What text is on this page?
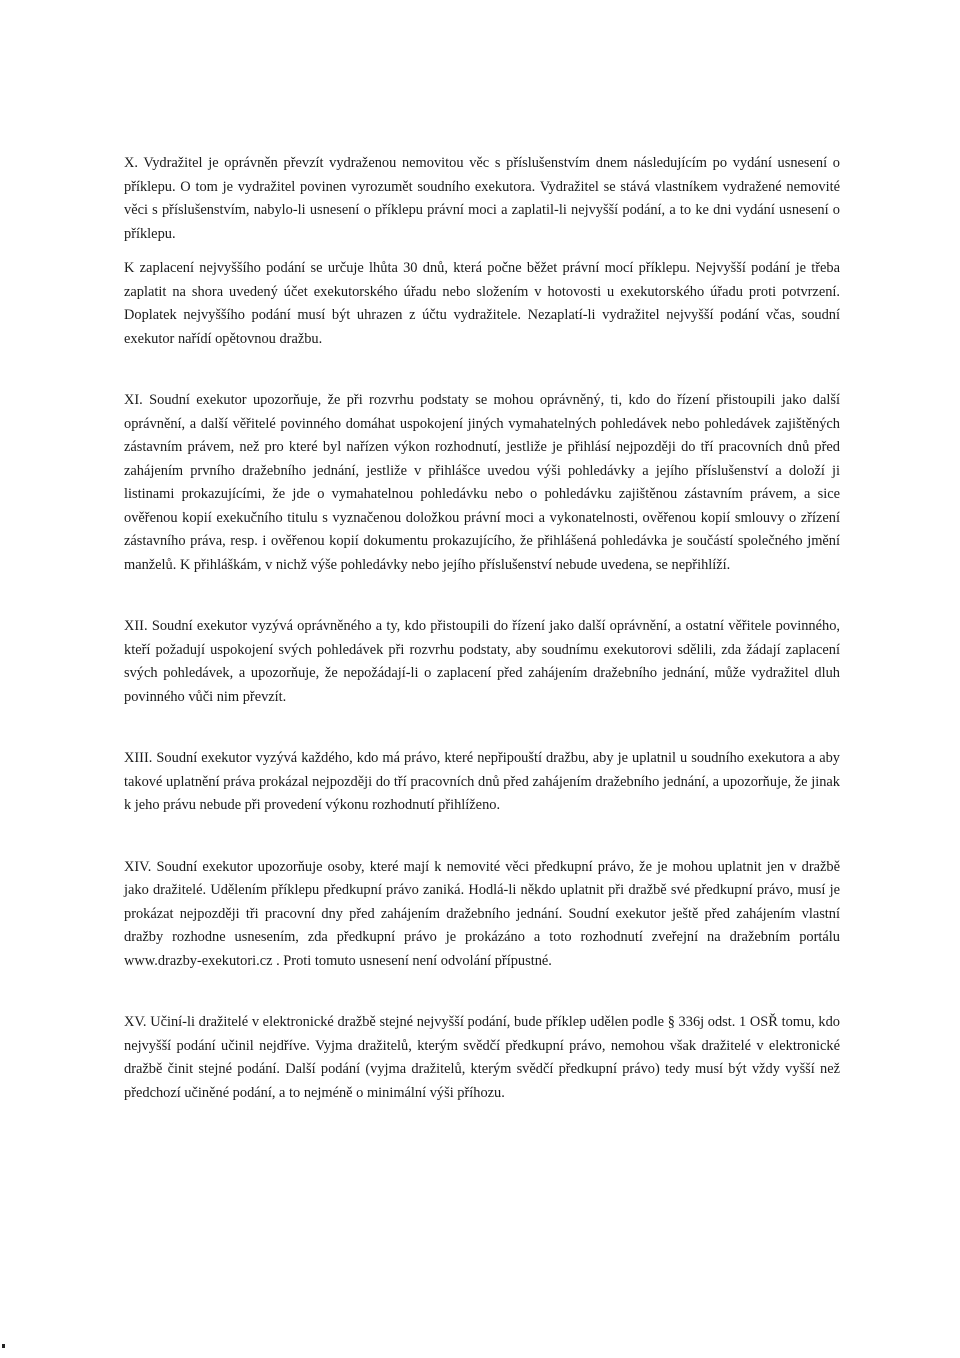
X. Vydražitel je oprávněn převzít vydraženou nemovitou věc s příslušenstvím dnem následujícím po vydání usnesení o příklepu. O tom je vydražitel povinen vyrozumět soudního exekutora. Vydražitel se stává vlastníkem vydražené nemovité věci s příslušenstvím, nabylo-li usnesení o příklepu právní moci a zaplatil-li nejvyšší podání, a to ke dni vydání usnesení o příklepu.

K zaplacení nejvyššího podání se určuje lhůta 30 dnů, která počne běžet právní mocí příklepu. Nejvyšší podání je třeba zaplatit na shora uvedený účet exekutorského úřadu nebo složením v hotovosti u exekutorského úřadu proti potvrzení. Doplatek nejvyššího podání musí být uhrazen z účtu vydražitele. Nezaplatí-li vydražitel nejvyšší podání včas, soudní exekutor nařídí opětovnou dražbu.

XI. Soudní exekutor upozorňuje, že při rozvrhu podstaty se mohou oprávněný, ti, kdo do řízení přistoupili jako další oprávnění, a další věřitelé povinného domáhat uspokojení jiných vymahatelných pohledávek nebo pohledávek zajištěných zástavním právem, než pro které byl nařízen výkon rozhodnutí, jestliže je přihlásí nejpozději do tří pracovních dnů před zahájením prvního dražebního jednání, jestliže v přihlášce uvedou výši pohledávky a jejího příslušenství a doloží ji listinami prokazujícími, že jde o vymahatelnou pohledávku nebo o pohledávku zajištěnou zástavním právem, a sice ověřenou kopií exekučního titulu s vyznačenou doložkou právní moci a vykonatelnosti, ověřenou kopií smlouvy o zřízení zástavního práva, resp. i ověřenou kopií dokumentu prokazujícího, že přihlášená pohledávka je součástí společného jmění manželů. K přihláškám, v nichž výše pohledávky nebo jejího příslušenství nebude uvedena, se nepřihlíží.

XII. Soudní exekutor vyzývá oprávněného a ty, kdo přistoupili do řízení jako další oprávnění, a ostatní věřitele povinného, kteří požadují uspokojení svých pohledávek při rozvrhu podstaty, aby soudnímu exekutorovi sdělili, zda žádají zaplacení svých pohledávek, a upozorňuje, že nepožádají-li o zaplacení před zahájením dražebního jednání, může vydražitel dluh povinného vůči nim převzít.

XIII. Soudní exekutor vyzývá každého, kdo má právo, které nepřipouští dražbu, aby je uplatnil u soudního exekutora a aby takové uplatnění práva prokázal nejpozději do tří pracovních dnů před zahájením dražebního jednání, a upozorňuje, že jinak k jeho právu nebude při provedení výkonu rozhodnutí přihlíženo.

XIV. Soudní exekutor upozorňuje osoby, které mají k nemovité věci předkupní právo, že je mohou uplatnit jen v dražbě jako dražitelé. Udělením příklepu předkupní právo zaniká. Hodlá-li někdo uplatnit při dražbě své předkupní právo, musí je prokázat nejpozději tři pracovní dny před zahájením dražebního jednání. Soudní exekutor ještě před zahájením vlastní dražby rozhodne usnesením, zda předkupní právo je prokázáno a toto rozhodnutí zveřejní na dražebním portálu www.drazby-exekutori.cz . Proti tomuto usnesení není odvolání přípustné.

XV. Učiní-li dražitelé v elektronické dražbě stejné nejvyšší podání, bude příklep udělen podle § 336j odst. 1 OSŘ tomu, kdo nejvyšší podání učinil nejdříve. Vyjma dražitelů, kterým svědčí předkupní právo, nemohou však dražitelé v elektronické dražbě činit stejné podání. Další podání (vyjma dražitelů, kterým svědčí předkupní právo) tedy musí být vždy vyšší než předchozí učiněné podání, a to nejméně o minimální výši příhozu.
